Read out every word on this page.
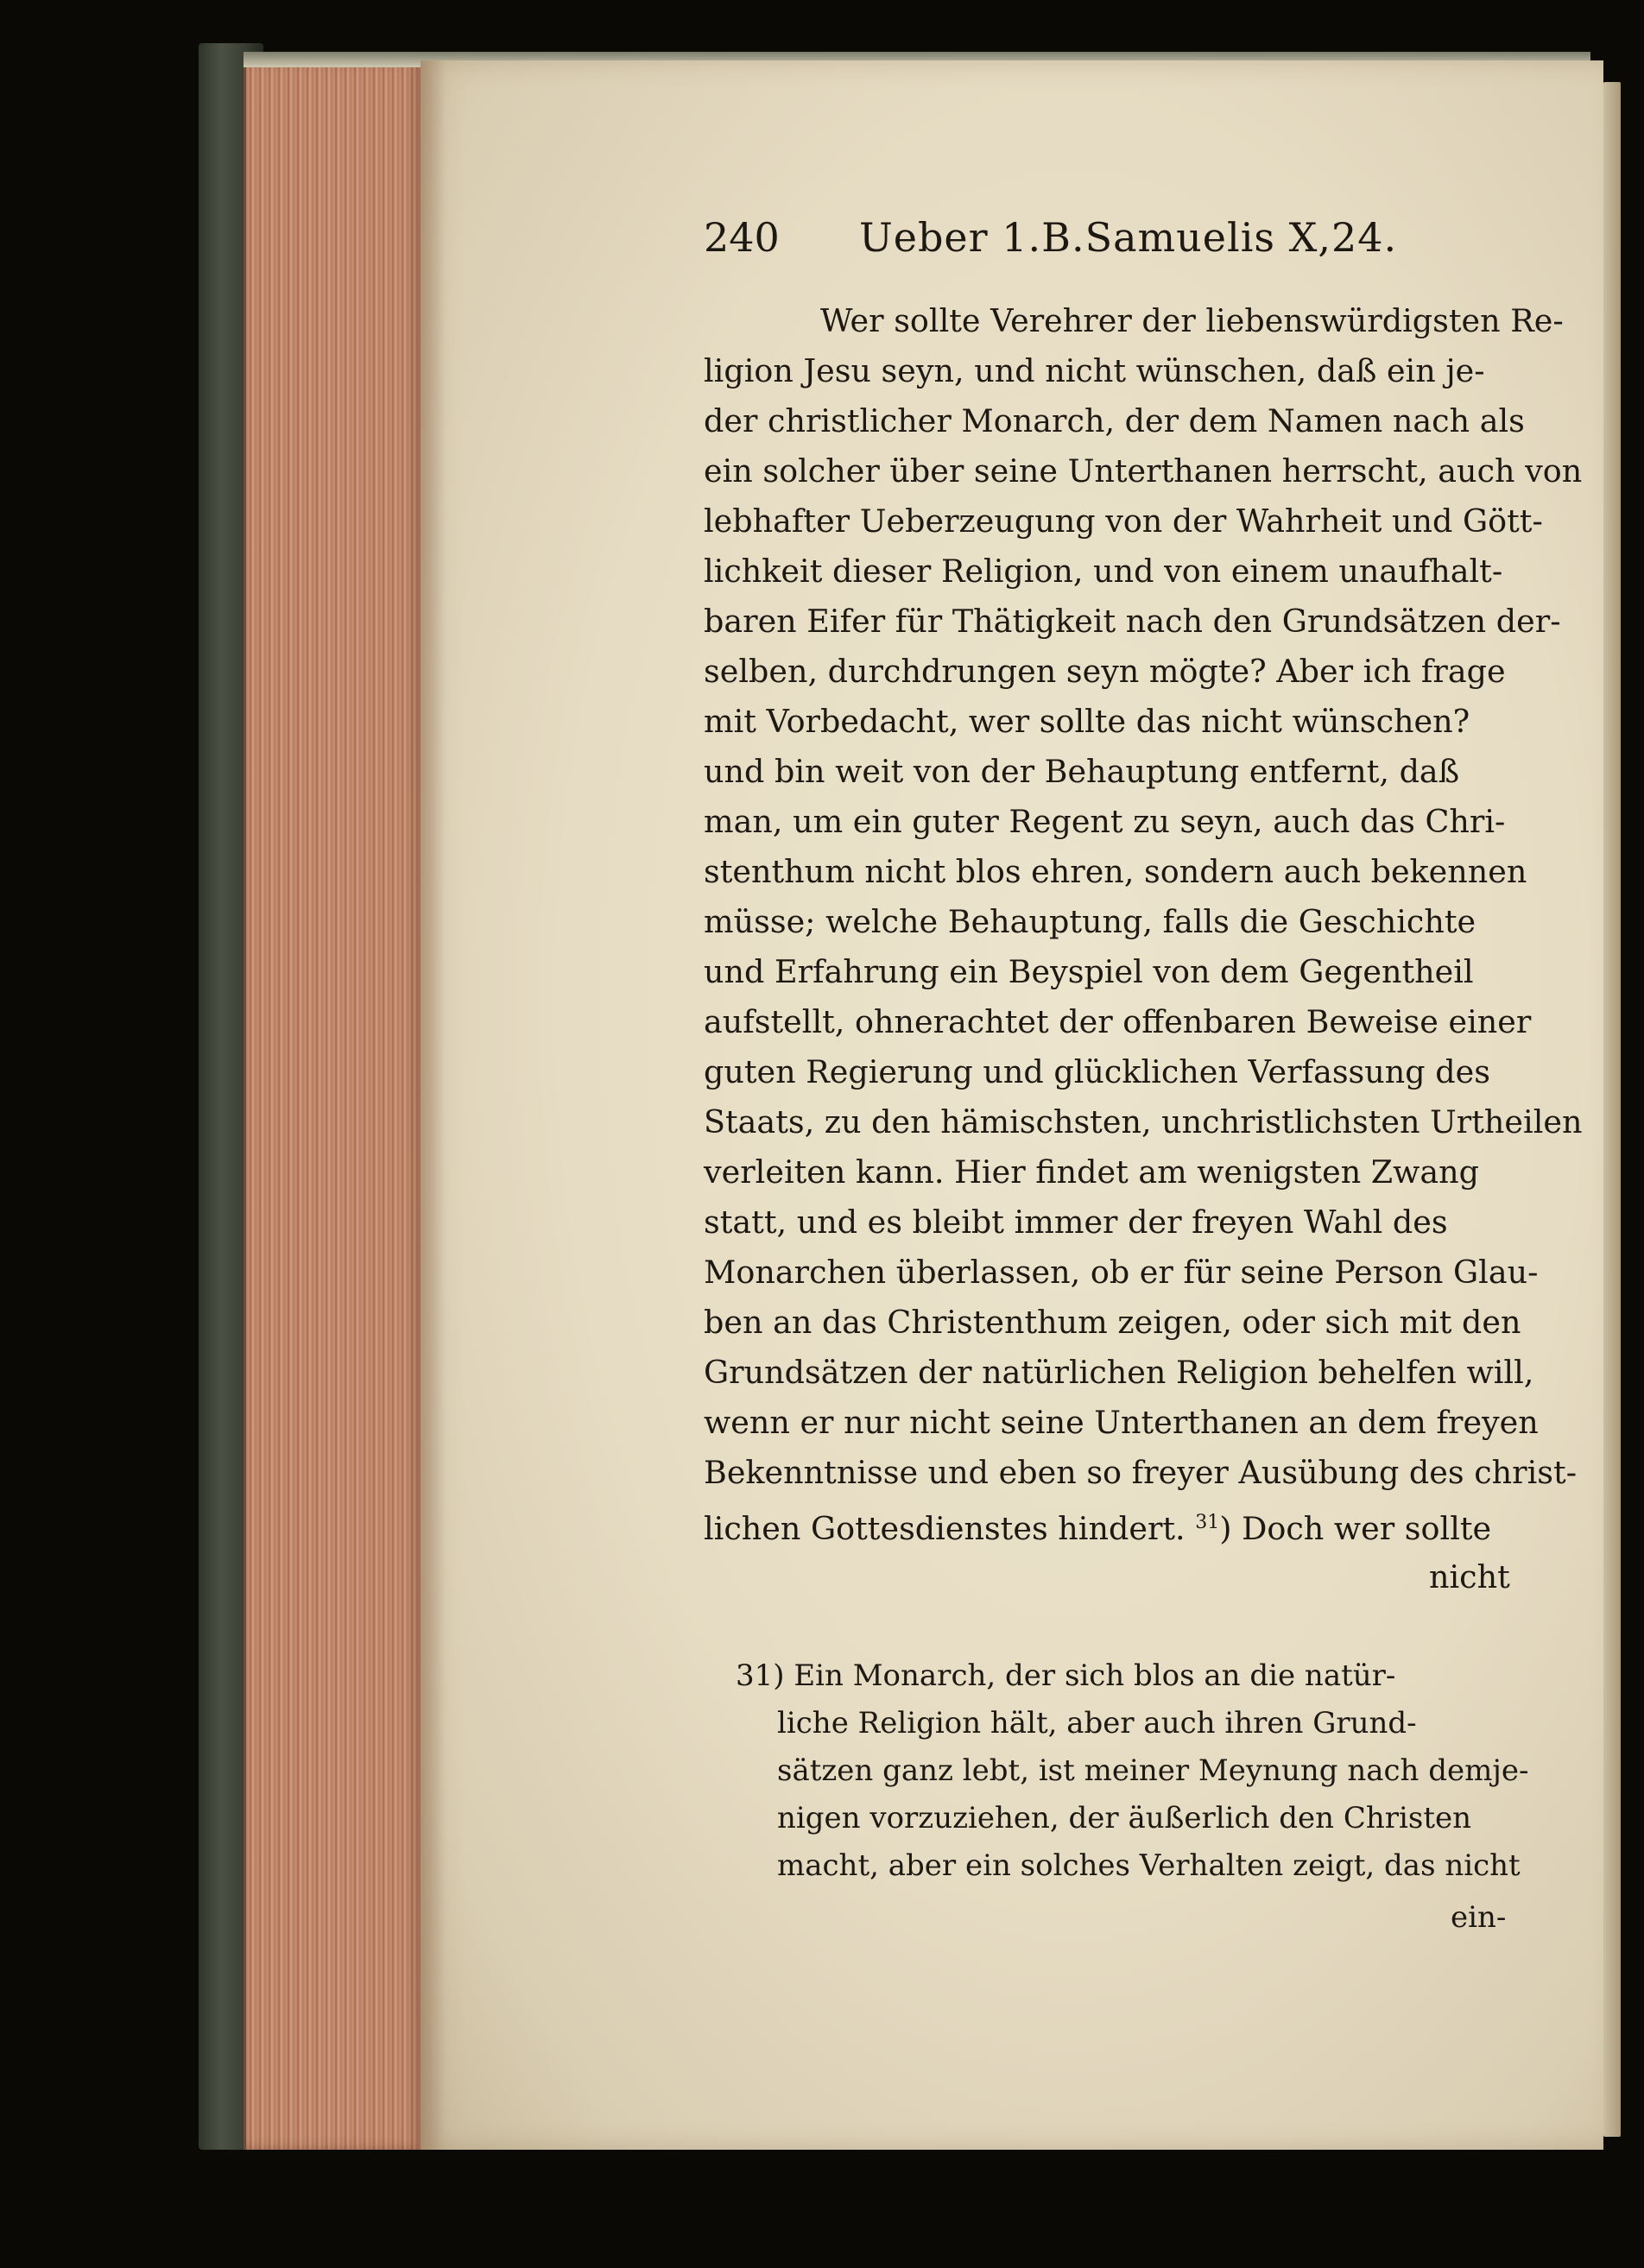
240 Ueber 1.B.Samuelis X,24.
Wer sollte Verehrer der liebenswürdigsten Re-
ligion Jesu seyn, und nicht wünschen, daß ein je-
der christlicher Monarch, der dem Namen nach als
ein solcher über seine Unterthanen herrscht, auch von
lebhafter Ueberzeugung von der Wahrheit und Gött-
lichkeit dieser Religion, und von einem unaufhalt-
baren Eifer für Thätigkeit nach den Grundsätzen der-
selben, durchdrungen seyn mögte? Aber ich frage
mit Vorbedacht, wer sollte das nicht wünschen?
und bin weit von der Behauptung entfernt, daß
man, um ein guter Regent zu seyn, auch das Chri-
stenthum nicht blos ehren, sondern auch bekennen
müsse; welche Behauptung, falls die Geschichte
und Erfahrung ein Beyspiel von dem Gegentheil
aufstellt, ohnerachtet der offenbaren Beweise einer
guten Regierung und glücklichen Verfassung des
Staats, zu den hämischsten, unchristlichsten Urtheilen
verleiten kann. Hier findet am wenigsten Zwang
statt, und es bleibt immer der freyen Wahl des
Monarchen überlassen, ob er für seine Person Glau-
ben an das Christenthum zeigen, oder sich mit den
Grundsätzen der natürlichen Religion behelfen will,
wenn er nur nicht seine Unterthanen an dem freyen
Bekenntnisse und eben so freyer Ausübung des christ-
lichen Gottesdienstes hindert. $^{31}$) Doch wer sollte
nicht
31) Ein Monarch, der sich blos an die natür-
liche Religion hält, aber auch ihren Grund-
sätzen ganz lebt, ist meiner Meynung nach demje-
nigen vorzuziehen, der äußerlich den Christen
macht, aber ein solches Verhalten zeigt, das nicht
ein-
